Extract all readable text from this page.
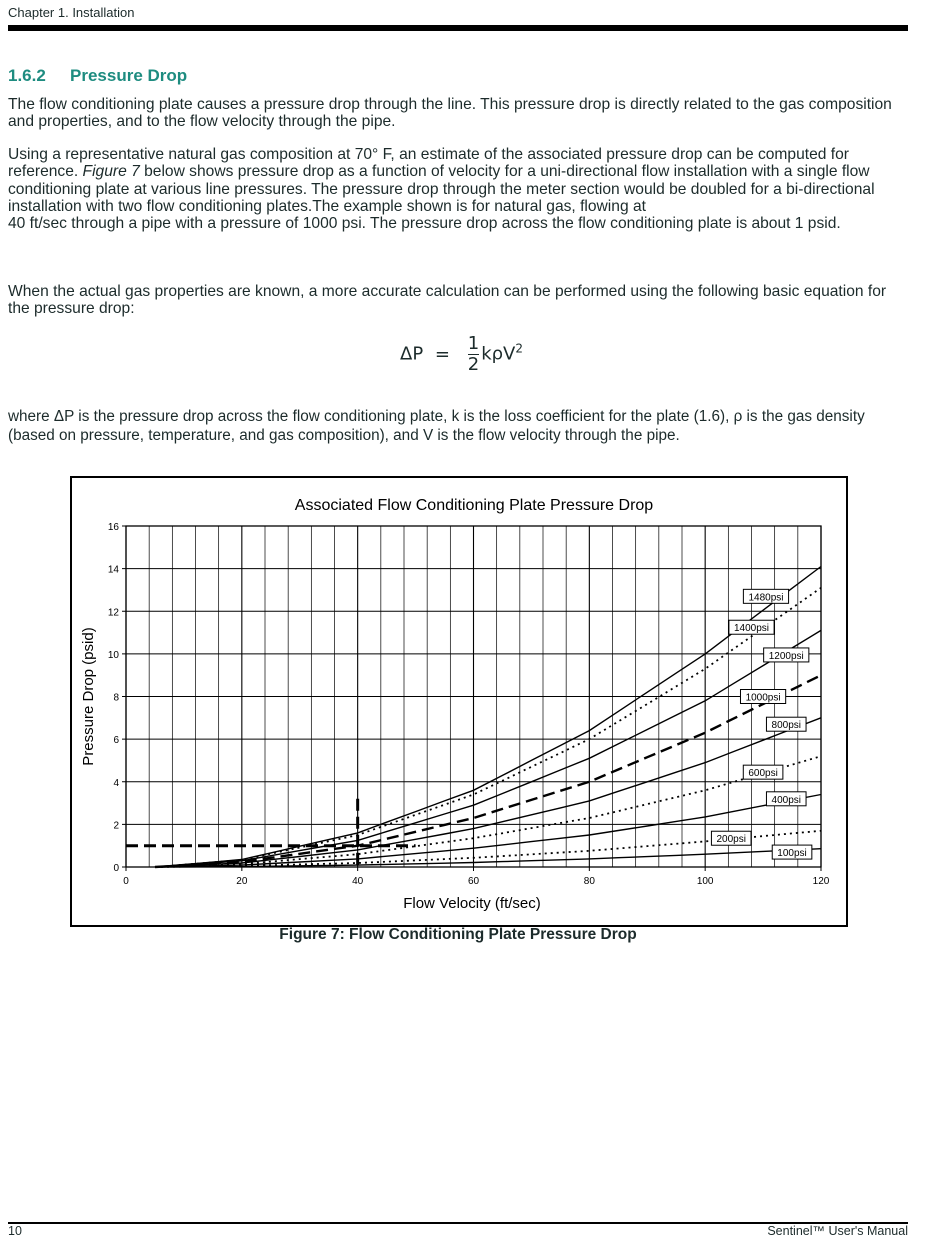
Chapter 1. Installation
1.6.2 Pressure Drop

The flow conditioning plate causes a pressure drop through the line. This pressure drop is directly related to the gas composition and properties, and to the flow velocity through the pipe.

Using a representative natural gas composition at 70° F, an estimate of the associated pressure drop can be computed for reference. Figure 7 below shows pressure drop as a function of velocity for a uni-directional flow installation with a single flow conditioning plate at various line pressures. The pressure drop through the meter section would be doubled for a bi-directional installation with two flow conditioning plates.The example shown is for natural gas, flowing at
40 ft/sec through a pipe with a pressure of 1000 psi. The pressure drop across the flow conditioning plate is about 1 psid.

When the actual gas properties are known, a more accurate calculation can be performed using the following basic equation for the pressure drop:

$\Delta P = \frac{1}{2} k\rho V^2$

where ΔP is the pressure drop across the flow conditioning plate, k is the loss coefficient for the plate (1.6), ρ is the gas density (based on pressure, temperature, and gas composition), and V is the flow velocity through the pipe.

0
2
4
6
8
10
12
14
16
0	20	40	60	80	100	120
Associated Flow Conditioning Plate Pressure Drop
Flow Velocity (ft/sec)
Pressure Drop (psid)
1480psi
1400psi
1200psi
1000psi
800psi
600psi
400psi
200psi
100psi
Figure 7: Flow Conditioning Plate Pressure Drop
10	Sentinel™ User's Manual
